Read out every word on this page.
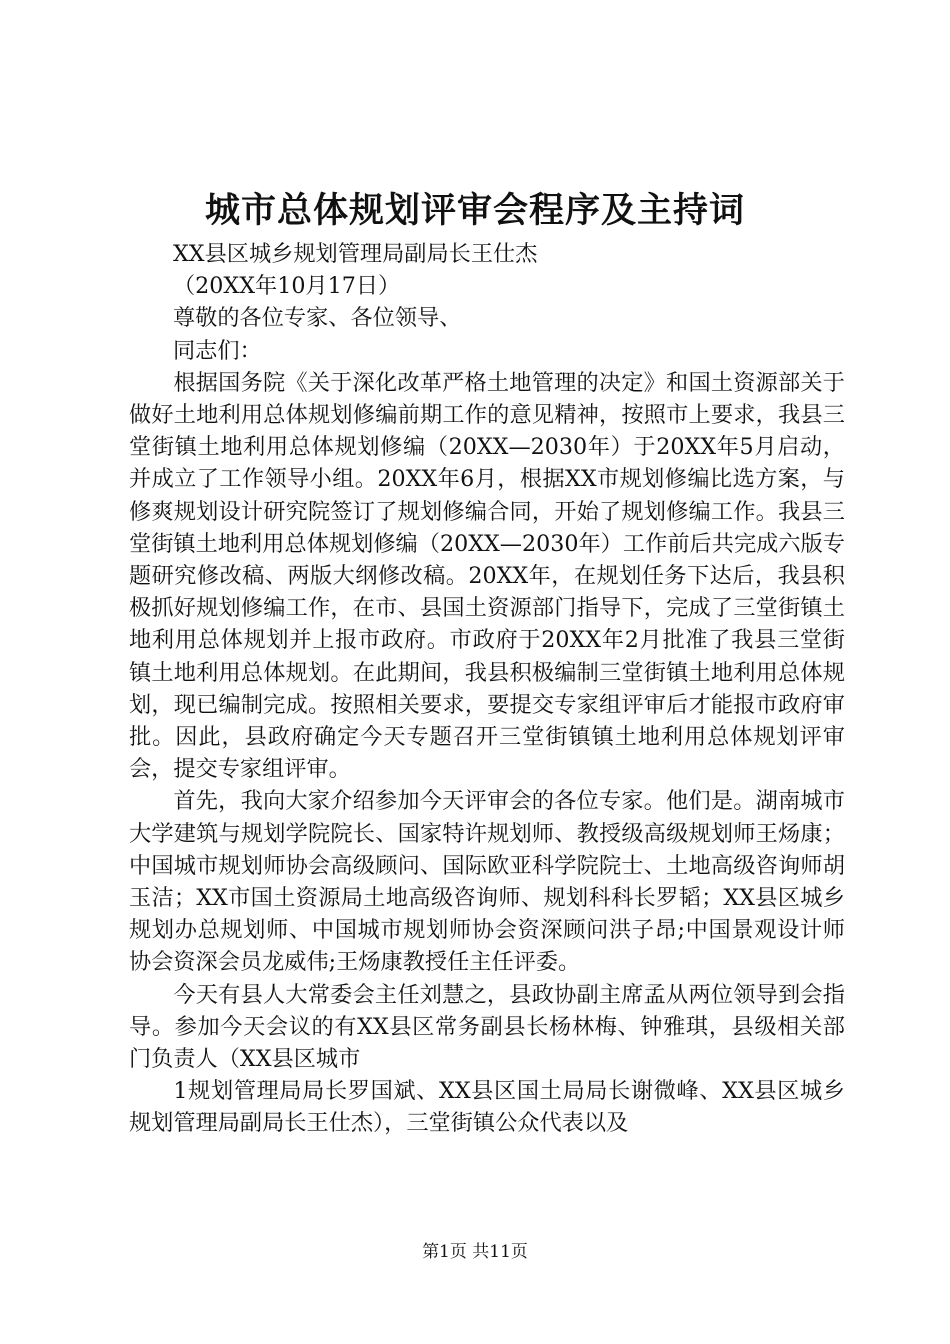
城市总体规划评审会程序及主持词

XX县区城乡规划管理局副局长王仕杰

（20XX年10月17日）

尊敬的各位专家、各位领导、

同志们：

根据国务院《关于深化改革严格土地管理的决定》和国土资源部关于做好土地利用总体规划修编前期工作的意见精神，按照市上要求，我县三堂街镇土地利用总体规划修编（20XX—2030年）于20XX年5月启动，并成立了工作领导小组。20XX年6月，根据XX市规划修编比选方案，与修爽规划设计研究院签订了规划修编合同，开始了规划修编工作。我县三堂街镇土地利用总体规划修编（20XX—2030年）工作前后共完成六版专题研究修改稿、两版大纲修改稿。20XX年，在规划任务下达后，我县积极抓好规划修编工作，在市、县国土资源部门指导下，完成了三堂街镇土地利用总体规划并上报市政府。市政府于20XX年2月批准了我县三堂街镇土地利用总体规划。在此期间，我县积极编制三堂街镇土地利用总体规划，现已编制完成。按照相关要求，要提交专家组评审后才能报市政府审批。因此，县政府确定今天专题召开三堂街镇镇土地利用总体规划评审会，提交专家组评审。

首先，我向大家介绍参加今天评审会的各位专家。他们是。湖南城市大学建筑与规划学院院长、国家特许规划师、教授级高级规划师王炀康；中国城市规划师协会高级顾问、国际欧亚科学院院士、土地高级咨询师胡玉洁；XX市国土资源局土地高级咨询师、规划科科长罗韬；XX县区城乡规划办总规划师、中国城市规划师协会资深顾问洪子昂;中国景观设计师协会资深会员龙威伟;王炀康教授任主任评委。

今天有县人大常委会主任刘慧之，县政协副主席孟从两位领导到会指导。参加今天会议的有XX县区常务副县长杨林梅、钟雅琪，县级相关部门负责人（XX县区城市

1规划管理局局长罗国斌、XX县区国土局局长谢微峰、XX县区城乡规划管理局副局长王仕杰），三堂街镇公众代表以及

第1页 共11页
